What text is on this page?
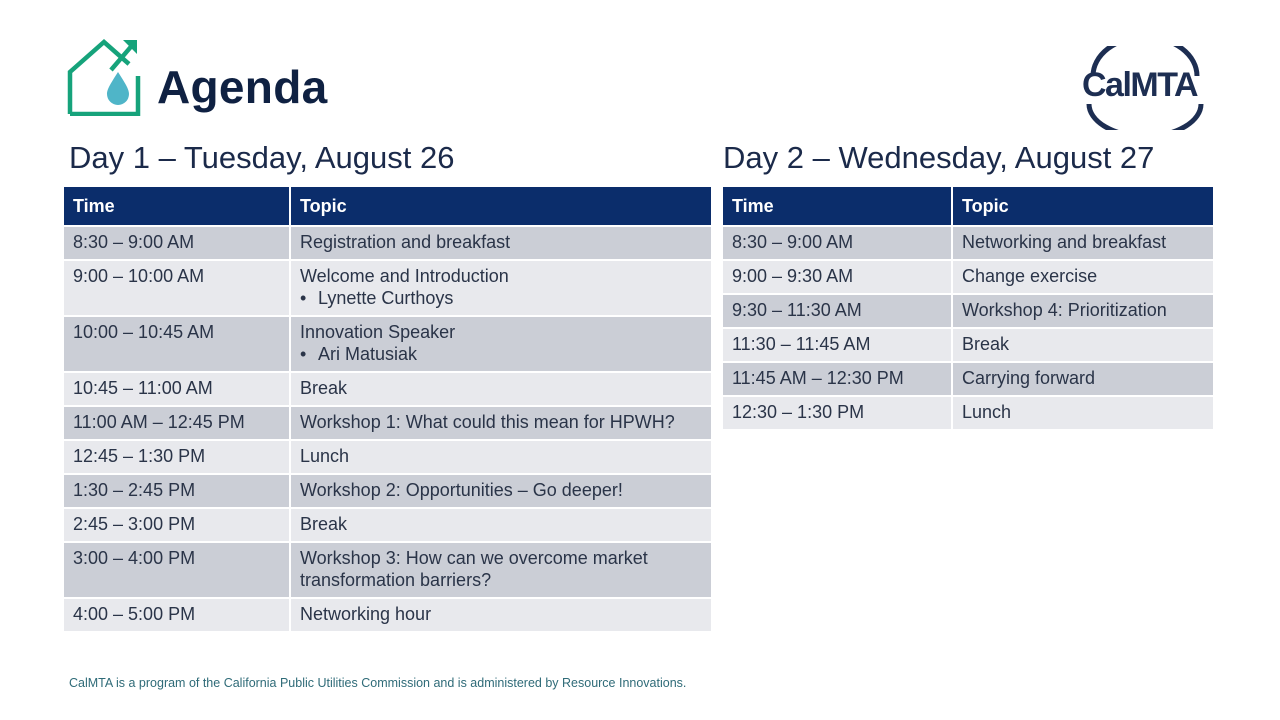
Agenda	CalMTA
Day 1 – Tuesday, August 26
Time	Topic
8:30 – 9:00 AM	Registration and breakfast
9:00 – 10:00 AM	Welcome and Introduction
• Lynette Curthoys

10:00 – 10:45 AM	Innovation Speaker
• Ari Matusiak

10:45 – 11:00 AM	Break
11:00 AM – 12:45 PM	Workshop 1: What could this mean for HPWH?
12:45 – 1:30 PM	Lunch
1:30 – 2:45 PM	Workshop 2: Opportunities – Go deeper!
2:45 – 3:00 PM	Break
3:00 – 4:00 PM	Workshop 3: How can we overcome market transformation barriers?
4:00 – 5:00 PM	Networking hour
Day 2 – Wednesday, August 27
Time	Topic
8:30 – 9:00 AM	Networking and breakfast
9:00 – 9:30 AM	Change exercise
9:30 – 11:30 AM	Workshop 4: Prioritization
11:30 – 11:45 AM	Break
11:45 AM – 12:30 PM	Carrying forward
12:30 – 1:30 PM	Lunch
CalMTA is a program of the California Public Utilities Commission and is administered by Resource Innovations.
